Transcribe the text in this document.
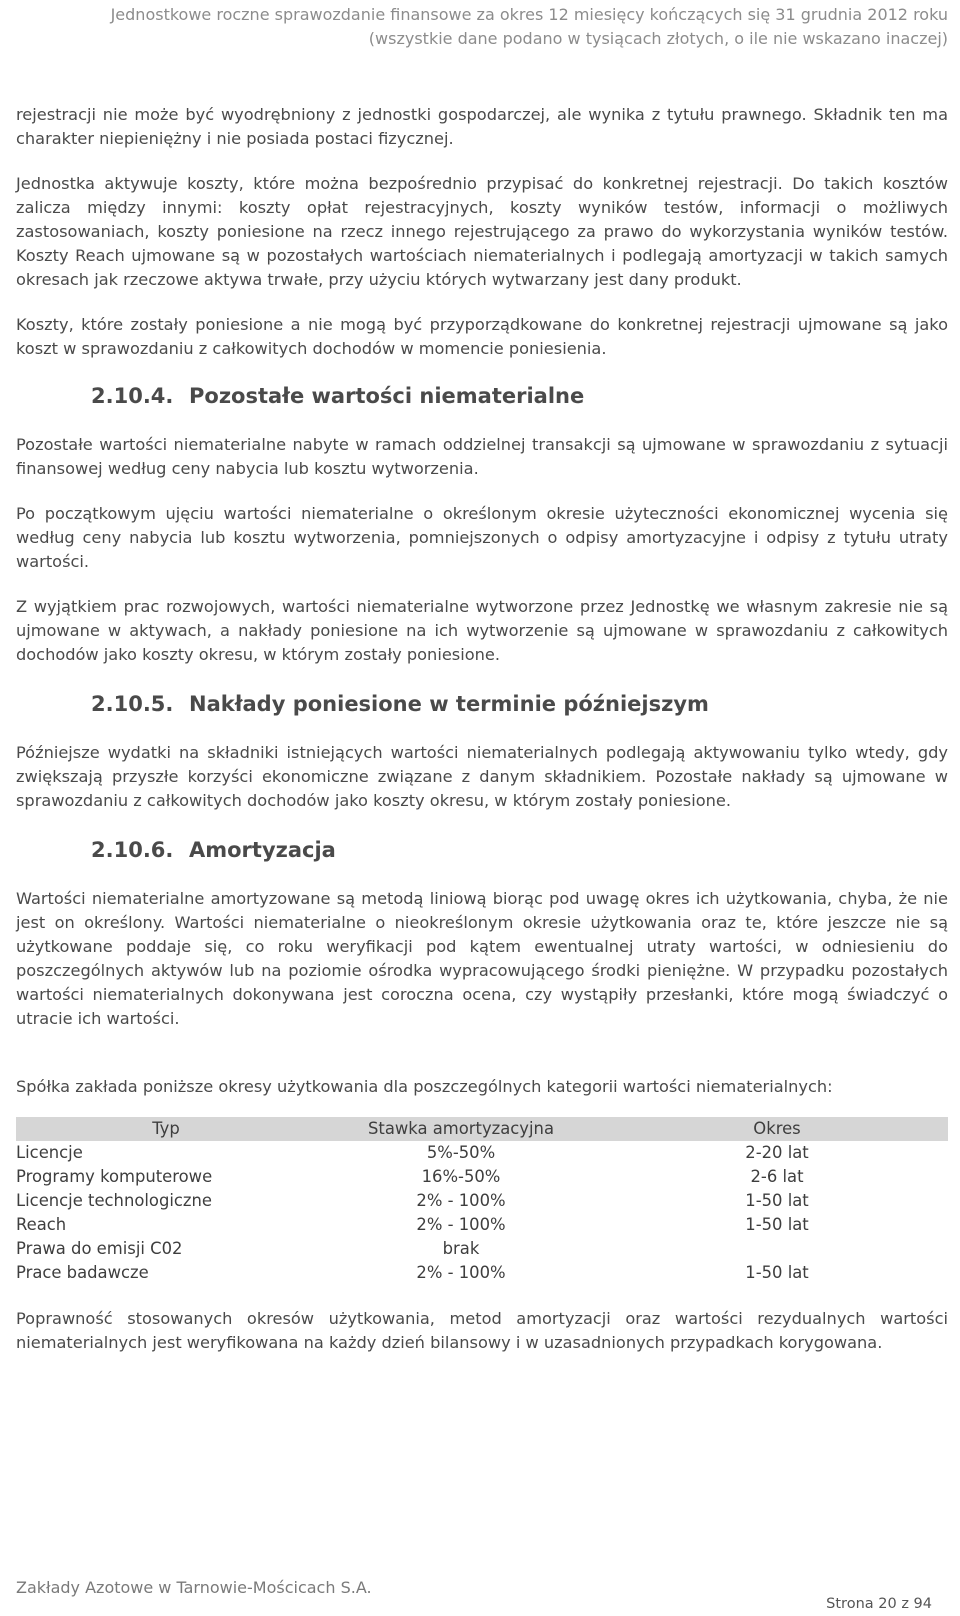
Jednostkowe roczne sprawozdanie finansowe za okres 12 miesięcy kończących się 31 grudnia 2012 roku
(wszystkie dane podano w tysiącach złotych, o ile nie wskazano inaczej)

rejestracji nie może być wyodrębniony z jednostki gospodarczej, ale wynika z tytułu prawnego. Składnik ten ma charakter niepieniężny i nie posiada postaci fizycznej.

Jednostka aktywuje koszty, które można bezpośrednio przypisać do konkretnej rejestracji. Do takich kosztów zalicza między innymi: koszty opłat rejestracyjnych, koszty wyników testów, informacji o możliwych zastosowaniach, koszty poniesione na rzecz innego rejestrującego za prawo do wykorzystania wyników testów. Koszty Reach ujmowane są w pozostałych wartościach niematerialnych i podlegają amortyzacji w takich samych okresach jak rzeczowe aktywa trwałe, przy użyciu których wytwarzany jest dany produkt.

Koszty, które zostały poniesione a nie mogą być przyporządkowane do konkretnej rejestracji ujmowane są jako koszt w sprawozdaniu z całkowitych dochodów w momencie poniesienia.

2.10.4. Pozostałe wartości niematerialne

Pozostałe wartości niematerialne nabyte w ramach oddzielnej transakcji są ujmowane w sprawozdaniu z sytuacji finansowej według ceny nabycia lub kosztu wytworzenia.

Po początkowym ujęciu wartości niematerialne o określonym okresie użyteczności ekonomicznej wycenia się według ceny nabycia lub kosztu wytworzenia, pomniejszonych o odpisy amortyzacyjne i odpisy z tytułu utraty wartości.

Z wyjątkiem prac rozwojowych, wartości niematerialne wytworzone przez Jednostkę we własnym zakresie nie są ujmowane w aktywach, a nakłady poniesione na ich wytworzenie są ujmowane w sprawozdaniu z całkowitych dochodów jako koszty okresu, w którym zostały poniesione.

2.10.5. Nakłady poniesione w terminie późniejszym

Późniejsze wydatki na składniki istniejących wartości niematerialnych podlegają aktywowaniu tylko wtedy, gdy zwiększają przyszłe korzyści ekonomiczne związane z danym składnikiem. Pozostałe nakłady są ujmowane w sprawozdaniu z całkowitych dochodów jako koszty okresu, w którym zostały poniesione.

2.10.6. Amortyzacja

Wartości niematerialne amortyzowane są metodą liniową biorąc pod uwagę okres ich użytkowania, chyba, że nie jest on określony. Wartości niematerialne o nieokreślonym okresie użytkowania oraz te, które jeszcze nie są użytkowane poddaje się, co roku weryfikacji pod kątem ewentualnej utraty wartości, w odniesieniu do poszczególnych aktywów lub na poziomie ośrodka wypracowującego środki pieniężne. W przypadku pozostałych wartości niematerialnych dokonywana jest coroczna ocena, czy wystąpiły przesłanki, które mogą świadczyć o utracie ich wartości.

Spółka zakłada poniższe okresy użytkowania dla poszczególnych kategorii wartości niematerialnych:

Typ	Stawka amortyzacyjna	Okres
Licencje	5%-50%	2-20 lat
Programy komputerowe	16%-50%	2-6 lat
Licencje technologiczne	2% - 100%	1-50 lat
Reach	2% - 100%	1-50 lat
Prawa do emisji C02	brak	
Prace badawcze	2% - 100%	1-50 lat

Poprawność stosowanych okresów użytkowania, metod amortyzacji oraz wartości rezydualnych wartości niematerialnych jest weryfikowana na każdy dzień bilansowy i w uzasadnionych przypadkach korygowana.

Zakłady Azotowe w Tarnowie-Mościcach S.A.
Strona 20 z 94
